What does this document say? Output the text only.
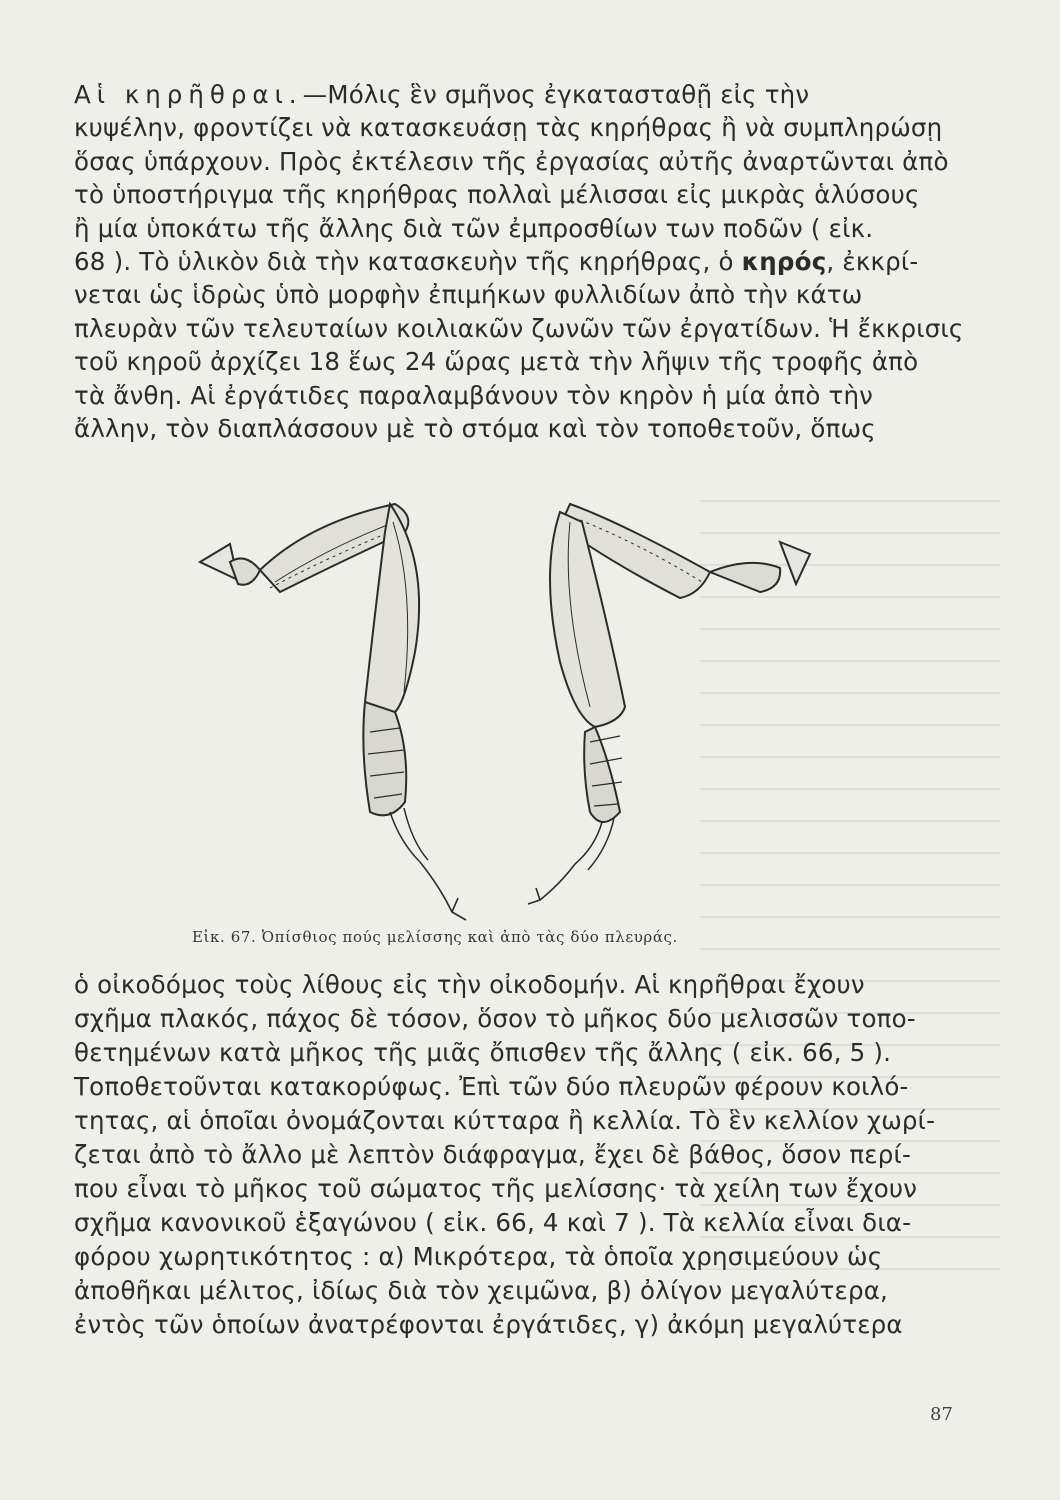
Αἱ κηρῆθραι.—Μόλις ἓν σμῆνος ἐγκατασταθῇ εἰς τὴν
κυψέλην, φροντίζει νὰ κατασκευάσῃ τὰς κηρήθρας ἢ νὰ συμπληρώσῃ
ὅσας ὑπάρχουν. Πρὸς ἐκτέλεσιν τῆς ἐργασίας αὐτῆς ἀναρτῶνται ἀπὸ
τὸ ὑποστήριγμα τῆς κηρήθρας πολλαὶ μέλισσαι εἰς μικρὰς ἁλύσους
ἢ μία ὑποκάτω τῆς ἄλλης διὰ τῶν ἐμπροσθίων των ποδῶν ( εἰκ.
68 ). Τὸ ὑλικὸν διὰ τὴν κατασκευὴν τῆς κηρήθρας, ὁ κηρός, ἐκκρί-
νεται ὡς ἱδρὼς ὑπὸ μορφὴν ἐπιμήκων φυλλιδίων ἀπὸ τὴν κάτω
πλευρὰν τῶν τελευταίων κοιλιακῶν ζωνῶν τῶν ἐργατίδων. Ἡ ἔκκρισις
τοῦ κηροῦ ἀρχίζει 18 ἕως 24 ὥρας μετὰ τὴν λῆψιν τῆς τροφῆς ἀπὸ
τὰ ἄνθη. Αἱ ἐργάτιδες παραλαμβάνουν τὸν κηρὸν ἡ μία ἀπὸ τὴν
ἄλλην, τὸν διαπλάσσουν μὲ τὸ στόμα καὶ τὸν τοποθετοῦν, ὅπως
Εἰκ. 67. Ὀπίσθιος πούς μελίσσης καὶ ἀπὸ τὰς δύο πλευράς.
ὁ οἰκοδόμος τοὺς λίθους εἰς τὴν οἰκοδομήν. Αἱ κηρῆθραι ἔχουν
σχῆμα πλακός, πάχος δὲ τόσον, ὅσον τὸ μῆκος δύο μελισσῶν τοπο-
θετημένων κατὰ μῆκος τῆς μιᾶς ὄπισθεν τῆς ἄλλης ( εἰκ. 66, 5 ).
Τοποθετοῦνται κατακορύφως. Ἐπὶ τῶν δύο πλευρῶν φέρουν κοιλό-
τητας, αἱ ὁποῖαι ὀνομάζονται κύτταρα ἢ κελλία. Τὸ ἓν κελλίον χωρί-
ζεται ἀπὸ τὸ ἄλλο μὲ λεπτὸν διάφραγμα, ἔχει δὲ βάθος, ὅσον περί-
που εἶναι τὸ μῆκος τοῦ σώματος τῆς μελίσσης· τὰ χείλη των ἔχουν
σχῆμα κανονικοῦ ἑξαγώνου ( εἰκ. 66, 4 καὶ 7 ). Τὰ κελλία εἶναι δια-
φόρου χωρητικότητος : α) Μικρότερα, τὰ ὁποῖα χρησιμεύουν ὡς
ἀποθῆκαι μέλιτος, ἰδίως διὰ τὸν χειμῶνα, β) ὀλίγον μεγαλύτερα,
ἐντὸς τῶν ὁποίων ἀνατρέφονται ἐργάτιδες, γ) ἀκόμη μεγαλύτερα
87
